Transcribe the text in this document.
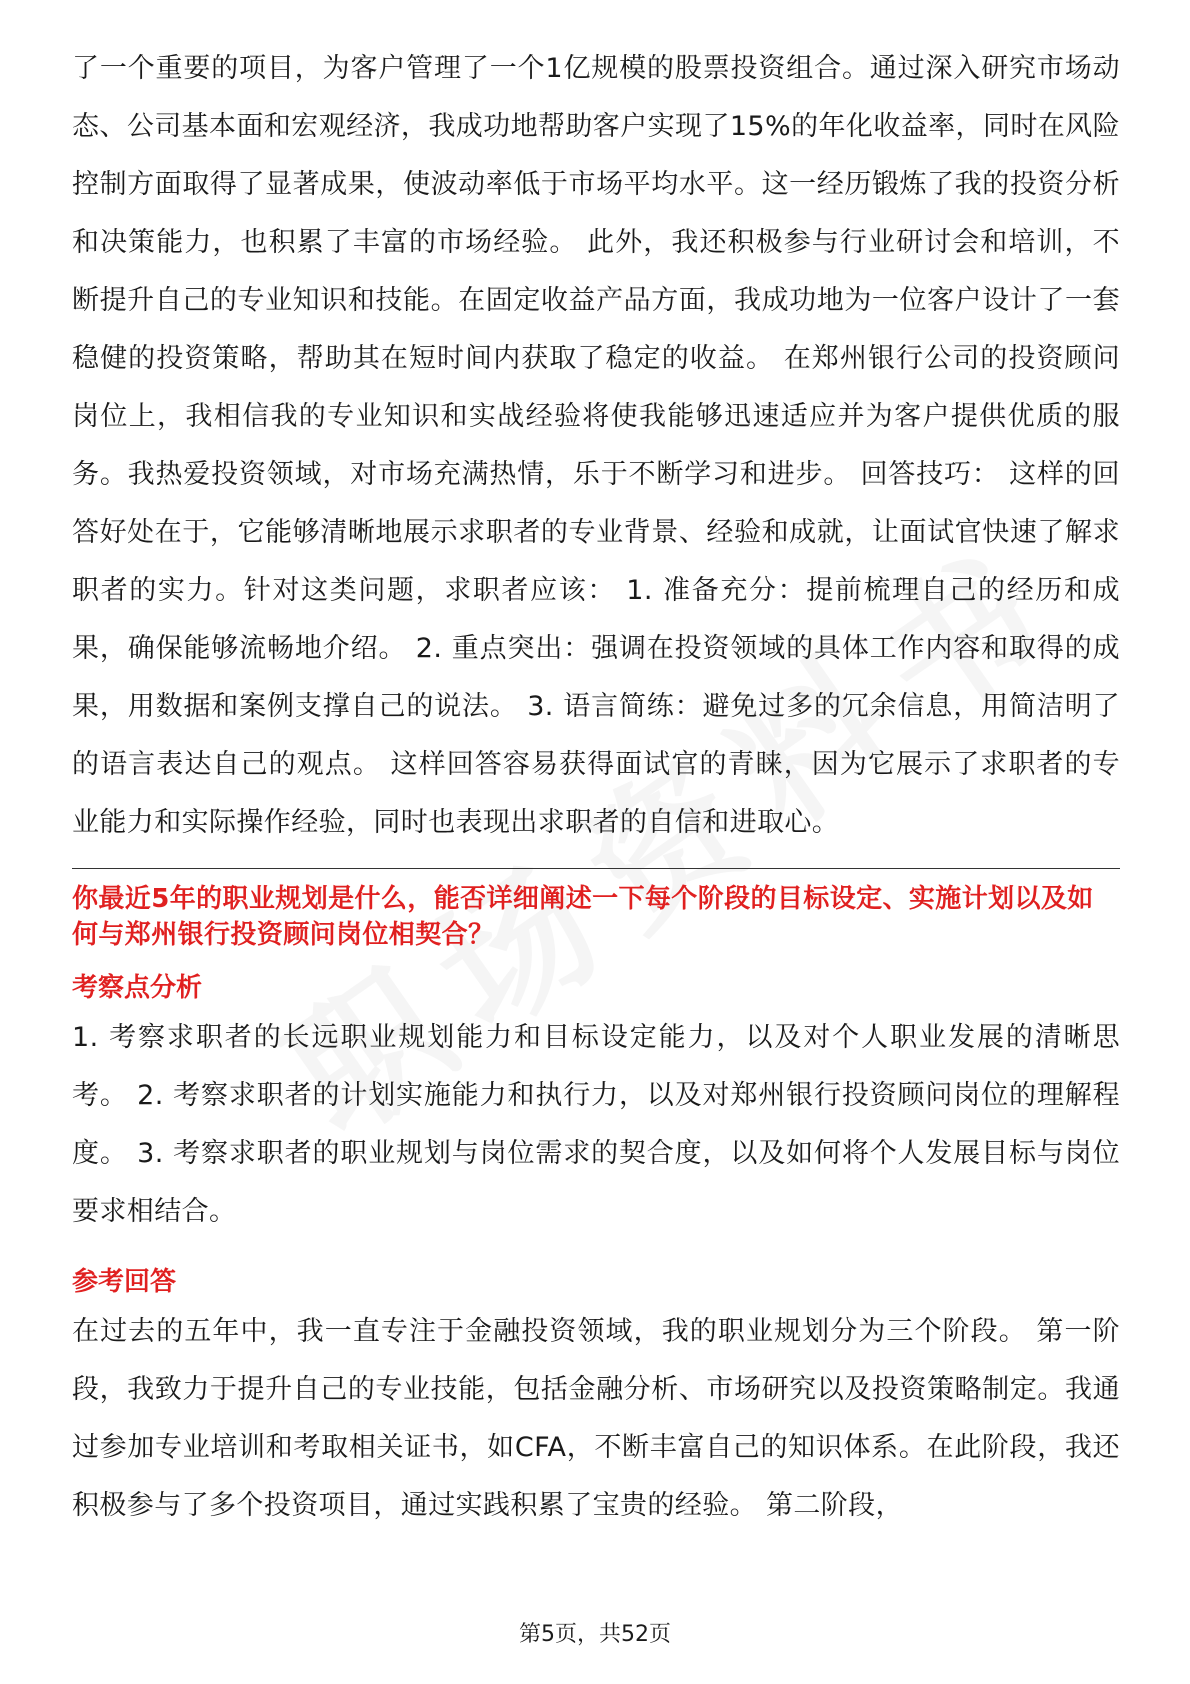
了一个重要的项目，为客户管理了一个1亿规模的股票投资组合。通过深入研究市场动态、公司基本面和宏观经济，我成功地帮助客户实现了15%的年化收益率，同时在风险控制方面取得了显著成果，使波动率低于市场平均水平。这一经历锻炼了我的投资分析和决策能力，也积累了丰富的市场经验。 此外，我还积极参与行业研讨会和培训，不断提升自己的专业知识和技能。在固定收益产品方面，我成功地为一位客户设计了一套稳健的投资策略，帮助其在短时间内获取了稳定的收益。 在郑州银行公司的投资顾问岗位上，我相信我的专业知识和实战经验将使我能够迅速适应并为客户提供优质的服务。我热爱投资领域，对市场充满热情，乐于不断学习和进步。 回答技巧： 这样的回答好处在于，它能够清晰地展示求职者的专业背景、经验和成就，让面试官快速了解求职者的实力。针对这类问题，求职者应该： 1. 准备充分：提前梳理自己的经历和成果，确保能够流畅地介绍。 2. 重点突出：强调在投资领域的具体工作内容和取得的成果，用数据和案例支撑自己的说法。 3. 语言简练：避免过多的冗余信息，用简洁明了的语言表达自己的观点。 这样回答容易获得面试官的青睐，因为它展示了求职者的专业能力和实际操作经验，同时也表现出求职者的自信和进取心。

你最近5年的职业规划是什么，能否详细阐述一下每个阶段的目标设定、实施计划以及如何与郑州银行投资顾问岗位相契合？

考察点分析

1. 考察求职者的长远职业规划能力和目标设定能力，以及对个人职业发展的清晰思考。 2. 考察求职者的计划实施能力和执行力，以及对郑州银行投资顾问岗位的理解程度。 3. 考察求职者的职业规划与岗位需求的契合度，以及如何将个人发展目标与岗位要求相结合。

参考回答

在过去的五年中，我一直专注于金融投资领域，我的职业规划分为三个阶段。 第一阶段，我致力于提升自己的专业技能，包括金融分析、市场研究以及投资策略制定。我通过参加专业培训和考取相关证书，如CFA，不断丰富自己的知识体系。在此阶段，我还积极参与了多个投资项目，通过实践积累了宝贵的经验。 第二阶段，

第5页，共52页
